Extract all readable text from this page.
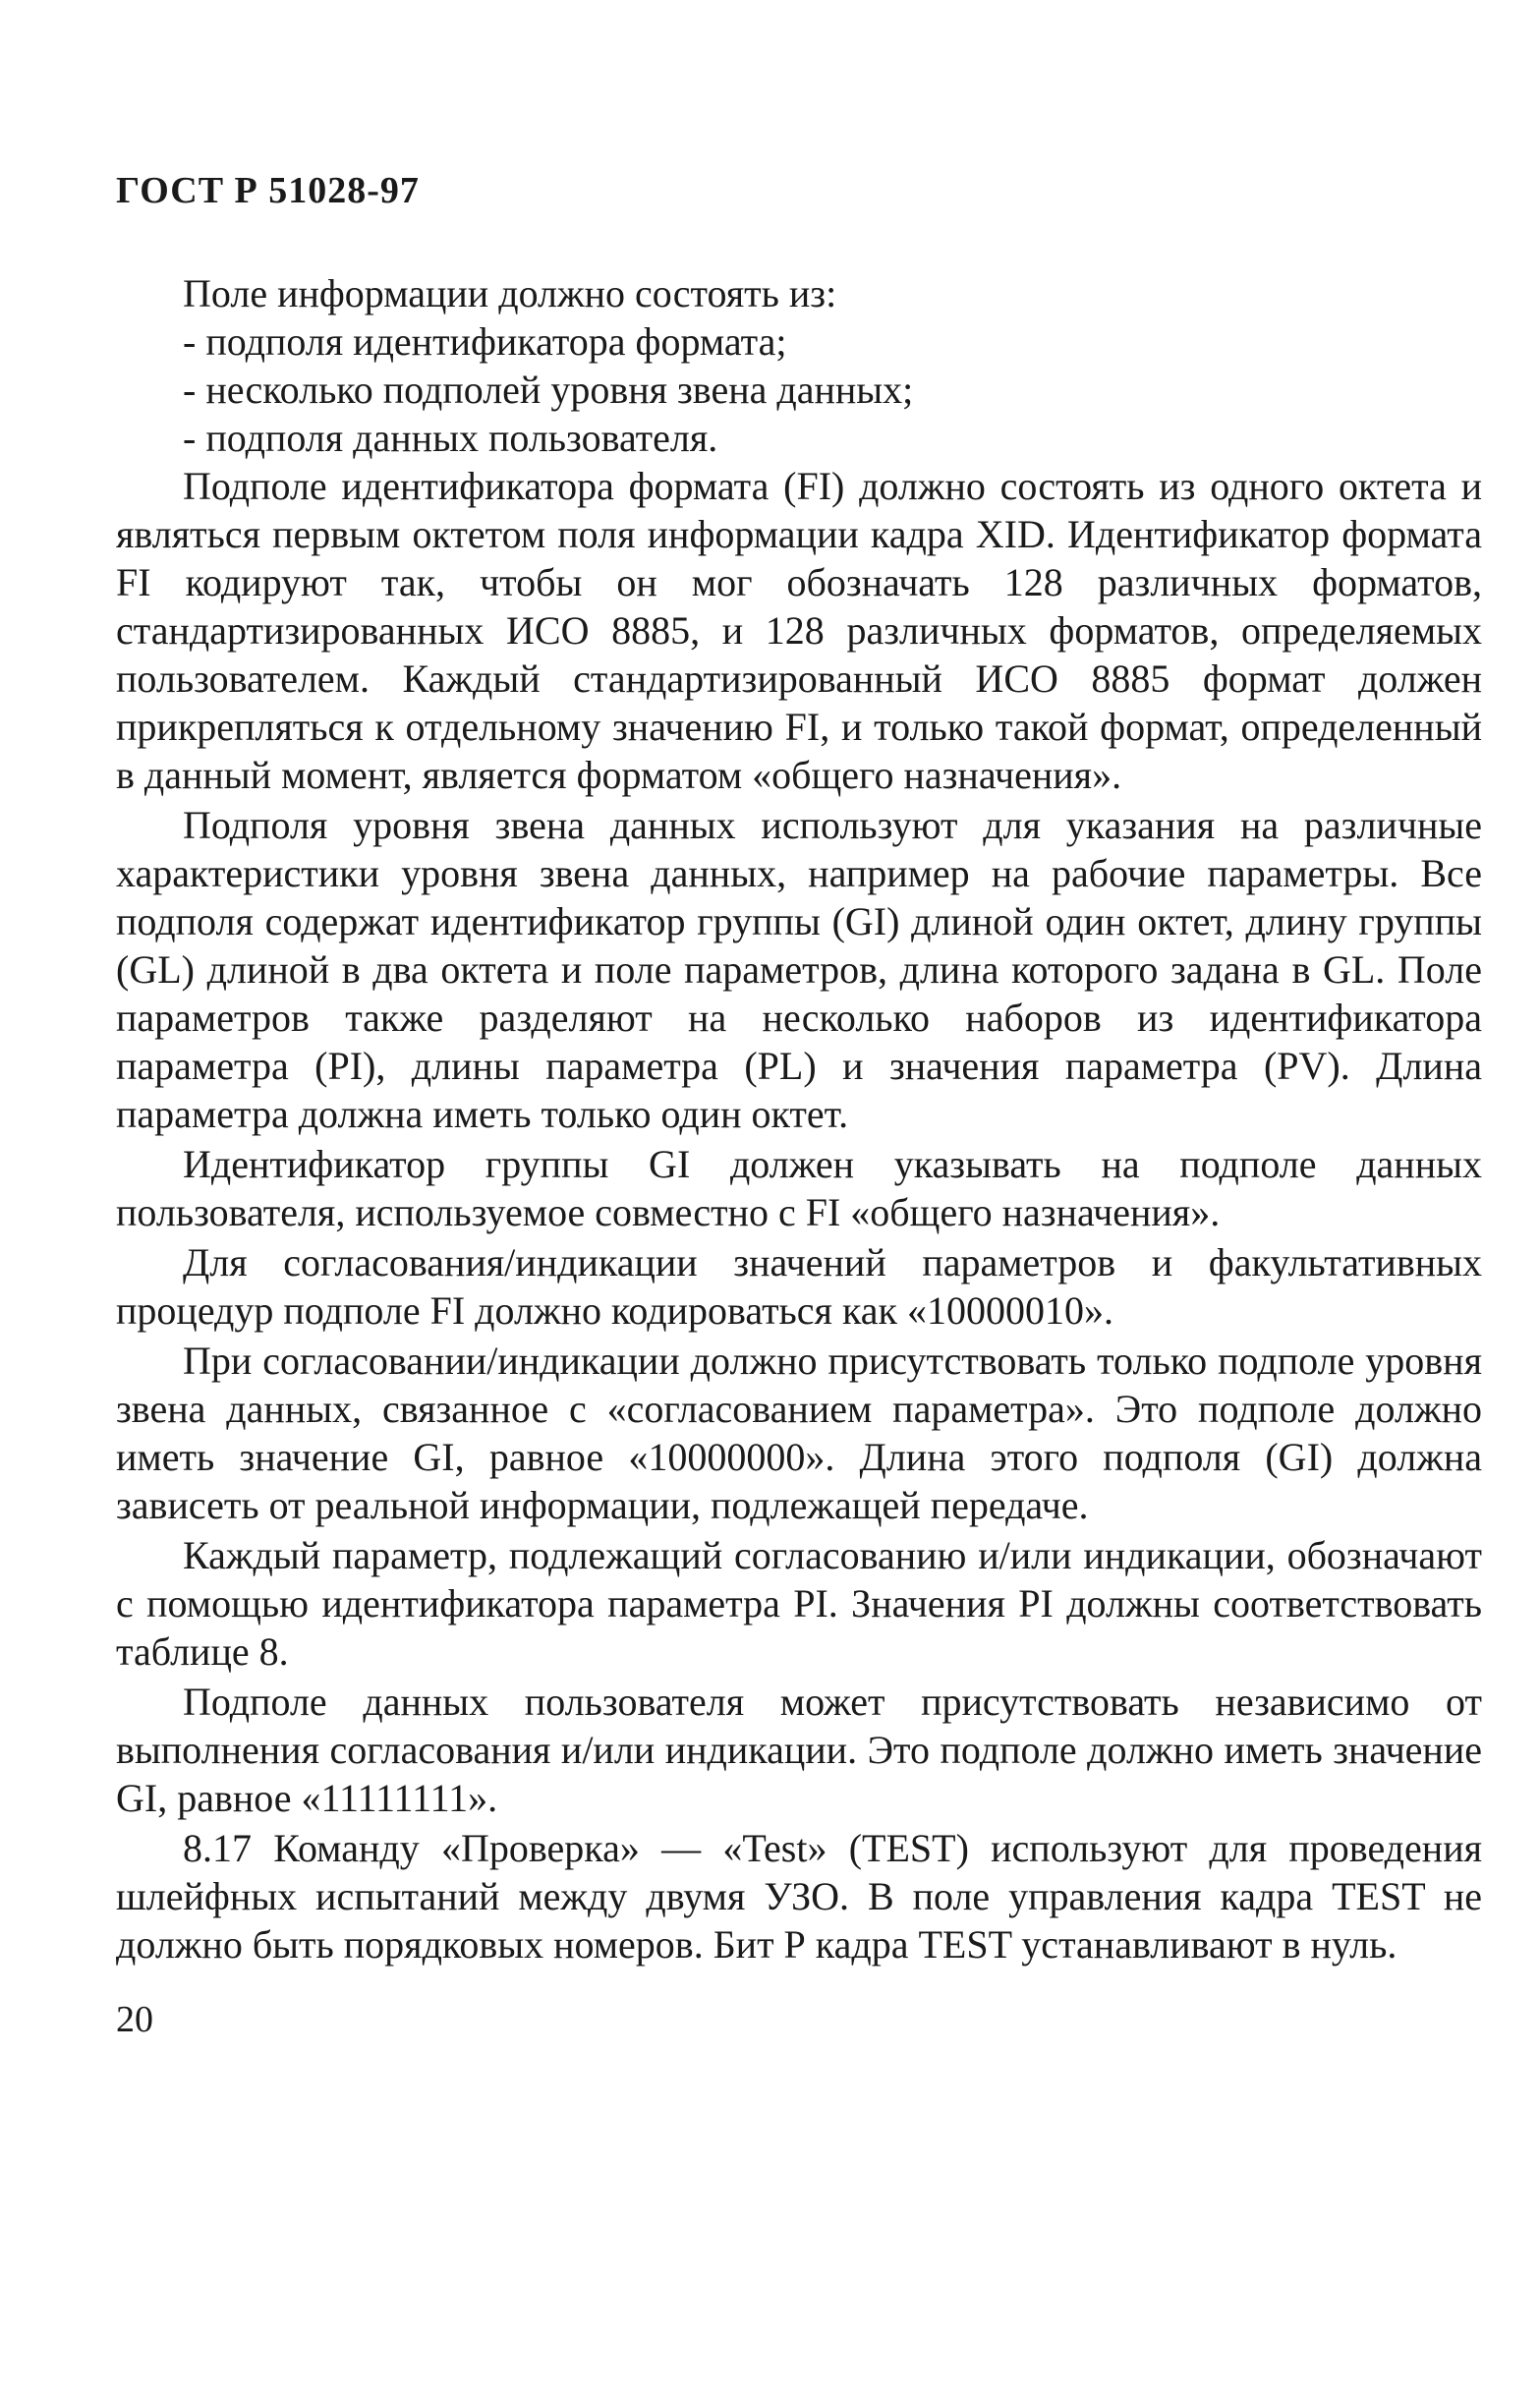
ГОСТ Р 51028-97
Поле информации должно состоять из:
- подполя идентификатора формата;
- несколько подполей уровня звена данных;
- подполя данных пользователя.

Подполе идентификатора формата (FI) должно состоять из одного октета и являться первым октетом поля информации кадра XID. Идентификатор формата FI кодируют так, чтобы он мог обозначать 128 различных форматов, стандартизированных ИСО 8885, и 128 различных форматов, определяемых пользователем. Каждый стандартизированный ИСО 8885 формат должен прикрепляться к отдельному значению FI, и только такой формат, определенный в данный момент, является форматом «общего назначения».

Подполя уровня звена данных используют для указания на различные характеристики уровня звена данных, например на рабочие параметры. Все подполя содержат идентификатор группы (GI) длиной один октет, длину группы (GL) длиной в два октета и поле параметров, длина которого задана в GL. Поле параметров также разделяют на несколько наборов из идентификатора параметра (PI), длины параметра (PL) и значения параметра (PV). Длина параметра должна иметь только один октет.

Идентификатор группы GI должен указывать на подполе данных пользователя, используемое совместно с FI «общего назначения».

Для согласования/индикации значений параметров и факультативных процедур подполе FI должно кодироваться как «10000010».

При согласовании/индикации должно присутствовать только подполе уровня звена данных, связанное с «согласованием параметра». Это подполе должно иметь значение GI, равное «10000000». Длина этого подполя (GI) должна зависеть от реальной информации, подлежащей передаче.

Каждый параметр, подлежащий согласованию и/или индикации, обозначают с помощью идентификатора параметра PI. Значения PI должны соответствовать таблице 8.

Подполе данных пользователя может присутствовать независимо от выполнения согласования и/или индикации. Это подполе должно иметь значение GI, равное «11111111».

8.17 Команду «Проверка» — «Test» (TEST) используют для проведения шлейфных испытаний между двумя УЗО. В поле управления кадра TEST не должно быть порядковых номеров. Бит Р кадра TEST устанавливают в нуль.

20
